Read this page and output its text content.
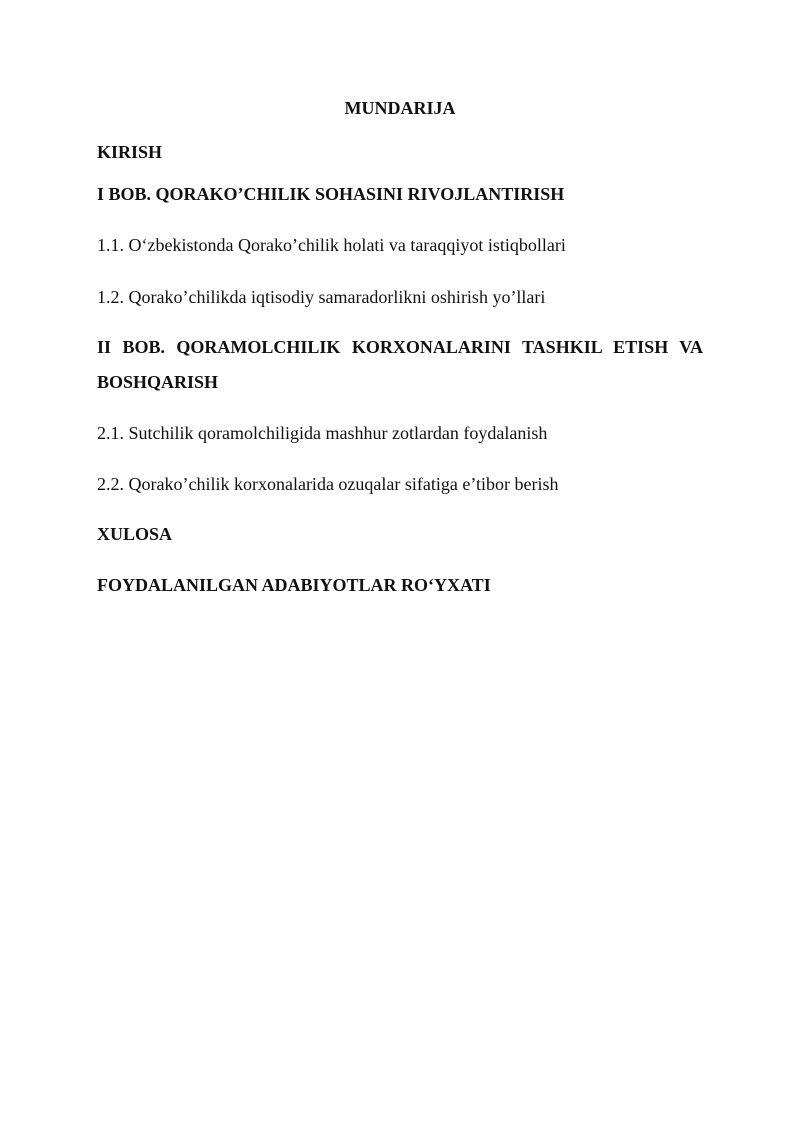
MUNDARIJA
KIRISH
I BOB. QORAKO’CHILIK SOHASINI RIVOJLANTIRISH
1.1. O‘zbekistonda Qorako’chilik holati va taraqqiyot istiqbollari
1.2. Qorako’chilikda iqtisodiy samaradorlikni oshirish yo’llari
II BOB. QORAMOLCHILIK KORXONALARINI TASHKIL ETISH VA BOSHQARISH
2.1. Sutchilik qoramolchiligida mashhur zotlardan foydalanish
2.2. Qorako’chilik korxonalarida ozuqalar sifatiga e’tibor berish
XULOSA
FOYDALANILGAN ADABIYOTLAR RO‘YXATI
